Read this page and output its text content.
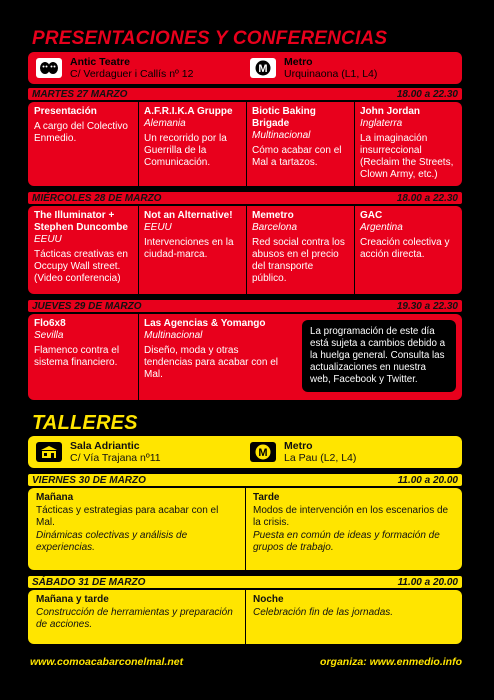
PRESENTACIONES Y CONFERENCIAS
Antic Teatre
C/ Verdaguer i Callís nº 12	M
Metro
Urquinaona (L1, L4)
MARTES 27 MARZO	18.00 a 22.30
Presentación
A cargo del Colectivo Enmedio.
A.F.R.I.K.A Gruppe
Alemania
Un recorrido por la Guerrilla de la Comunicación.
Biotic Baking Brigade
Multinacional
Cómo acabar con el Mal a tartazos.
John Jordan
Inglaterra
La imaginación insurreccional (Reclaim the Streets, Clown Army, etc.)
MIÉRCOLES 28 DE MARZO	18.00 a 22.30
The Illuminator + Stephen Duncombe
EEUU
Tácticas creativas en Occupy Wall street. (Video conferencia)
Not an Alternative!
EEUU
Intervenciones en la ciudad-marca.
Memetro
Barcelona
Red social contra los abusos en el precio del transporte público.
GAC
Argentina
Creación colectiva y acción directa.
JUEVES 29 DE MARZO	19.30 a 22.30
Flo6x8
Sevilla
Flamenco contra el sistema financiero.
Las Agencias & Yomango
Multinacional
Diseño, moda y otras tendencias para acabar con el Mal.
La programación de este día está sujeta a cambios debido a la huelga general. Consulta las actualizaciones en nuestra web, Facebook y Twitter.
TALLERES
Sala Adriantic
C/ Vía Trajana nº11	M
Metro
La Pau (L2, L4)
VIERNES 30 DE MARZO	11.00 a 20.00
Mañana
Tácticas y estrategias para acabar con el Mal.
Dinámicas colectivas y análisis de experiencias.
Tarde
Modos de intervención en los escenarios de la crisis.
Puesta en común de ideas y formación de grupos de trabajo.
SÁBADO 31 DE MARZO	11.00 a 20.00
Mañana y tarde
Construcción de herramientas y preparación de acciones.
Noche
Celebración fin de las jornadas.
www.comoacabarconelmal.net	organiza: www.enmedio.info
